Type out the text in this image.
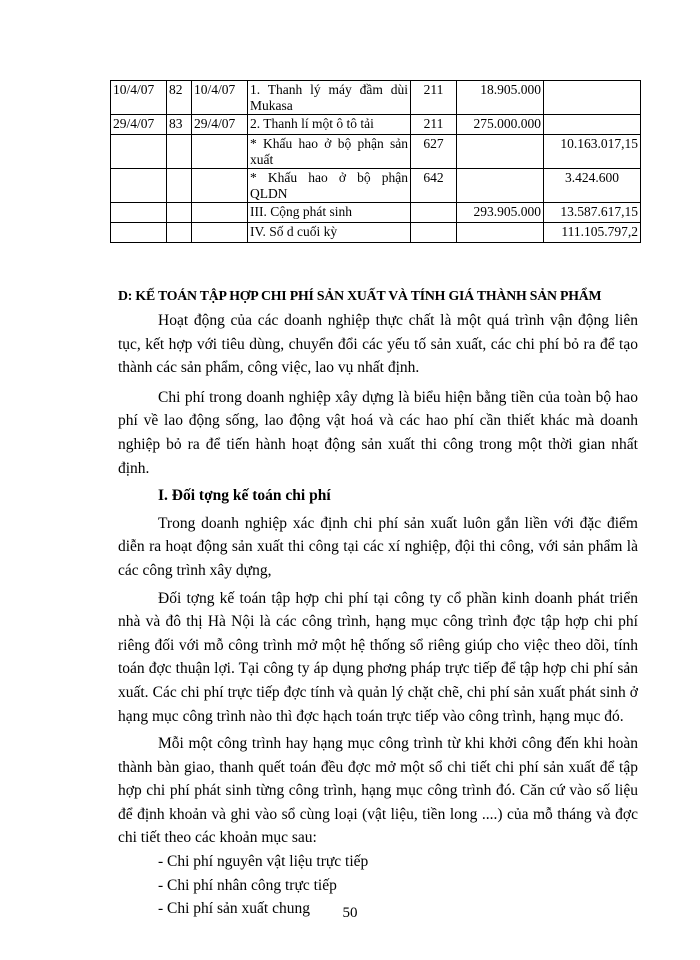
10/4/07	82	10/4/07	1. Thanh lý máy đầm dùi Mukasa	211	18.905.000	
29/4/07	83	29/4/07	2. Thanh lí một ô tô tải	211	275.000.000	
			* Khấu hao ở bộ phận sản xuất	627		10.163.017,15
			* Khấu hao ở bộ phận QLDN	642		3.424.600
			III. Cộng phát sinh		293.905.000	13.587.617,15
			IV. Số d cuối kỳ			111.105.797,2
D: KẾ TOÁN TẬP HỢP CHI PHÍ SẢN XUẤT VÀ TÍNH GIÁ THÀNH SẢN PHẨM

Hoạt động của các doanh nghiệp thực chất là một quá trình vận động liên tục, kết hợp với tiêu dùng, chuyển đổi các yếu tố sản xuất, các chi phí bỏ ra để tạo thành các sản phẩm, công việc, lao vụ nhất định.

Chi phí trong doanh nghiệp xây dựng là biểu hiện bằng tiền của toàn bộ hao phí về lao động sống, lao động vật hoá và các hao phí cần thiết khác mà doanh nghiệp bỏ ra để tiến hành hoạt động sản xuất thi công trong một thời gian nhất định.

I. Đối tợng kế toán chi phí

Trong doanh nghiệp xác định chi phí sản xuất luôn gắn liền với đặc điểm diễn ra hoạt động sản xuất thi công tại các xí nghiệp, đội thi công, với sản phẩm là các công trình xây dựng,

Đối tợng kế toán tập hợp chi phí tại công ty cổ phần kinh doanh phát triển nhà và đô thị Hà Nội là các công trình, hạng mục công trình đợc tập hợp chi phí riêng đối với mỗ công trình mở một hệ thống sổ riêng giúp cho việc theo dõi, tính toán đợc thuận lợi. Tại công ty áp dụng phơng pháp trực tiếp để tập hợp chi phí sản xuất. Các chi phí trực tiếp đợc tính và quản lý chặt chẽ, chi phí sản xuất phát sinh ở hạng mục công trình nào thì đợc hạch toán trực tiếp vào công trình, hạng mục đó.

Mỗi một công trình hay hạng mục công trình từ khi khởi công đến khi hoàn thành bàn giao, thanh quết toán đều đợc mở một sổ chi tiết chi phí sản xuất để tập hợp chi phí phát sinh từng công trình, hạng mục công trình đó. Căn cứ vào số liệu để định khoản và ghi vào sổ cùng loại (vật liệu, tiền long ....) của mỗ tháng và đợc chi tiết theo các khoản mục sau:

- Chi phí nguyên vật liệu trực tiếp

- Chi phí nhân công trực tiếp

- Chi phí sản xuất chung	50
